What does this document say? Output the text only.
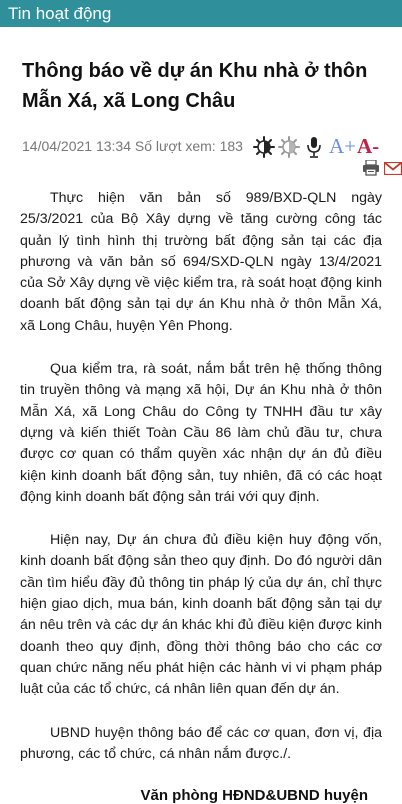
Tin hoạt động
Thông báo về dự án Khu nhà ở thôn Mẫn Xá, xã Long Châu
14/04/2021 13:34 Số lượt xem: 183	A+ A-

Thực hiện văn bản số 989/BXD-QLN ngày 25/3/2021 của Bộ Xây dựng về tăng cường công tác quản lý tình hình thị trường bất động sản tại các địa phương và văn bản số 694/SXD-QLN ngày 13/4/2021 của Sở Xây dựng về việc kiểm tra, rà soát hoạt động kinh doanh bất động sản tại dự án Khu nhà ở thôn Mẫn Xá, xã Long Châu, huyện Yên Phong.

Qua kiểm tra, rà soát, nắm bắt trên hệ thống thông tin truyền thông và mạng xã hội, Dự án Khu nhà ở thôn Mẫn Xá, xã Long Châu do Công ty TNHH đầu tư xây dựng và kiến thiết Toàn Cầu 86 làm chủ đầu tư, chưa được cơ quan có thẩm quyền xác nhận dự án đủ điều kiện kinh doanh bất động sản, tuy nhiên, đã có các hoạt động kinh doanh bất động sản trái với quy định.

Hiện nay, Dự án chưa đủ điều kiện huy động vốn, kinh doanh bất động sản theo quy định. Do đó người dân cần tìm hiểu đầy đủ thông tin pháp lý của dự án, chỉ thực hiện giao dịch, mua bán, kinh doanh bất động sản tại dự án nêu trên và các dự án khác khi đủ điều kiện được kinh doanh theo quy định, đồng thời thông báo cho các cơ quan chức năng nếu phát hiện các hành vi vi phạm pháp luật của các tổ chức, cá nhân liên quan đến dự án.

UBND huyện thông báo để các cơ quan, đơn vị, địa phương, các tổ chức, cá nhân nắm được./.

Văn phòng HĐND&UBND huyện
